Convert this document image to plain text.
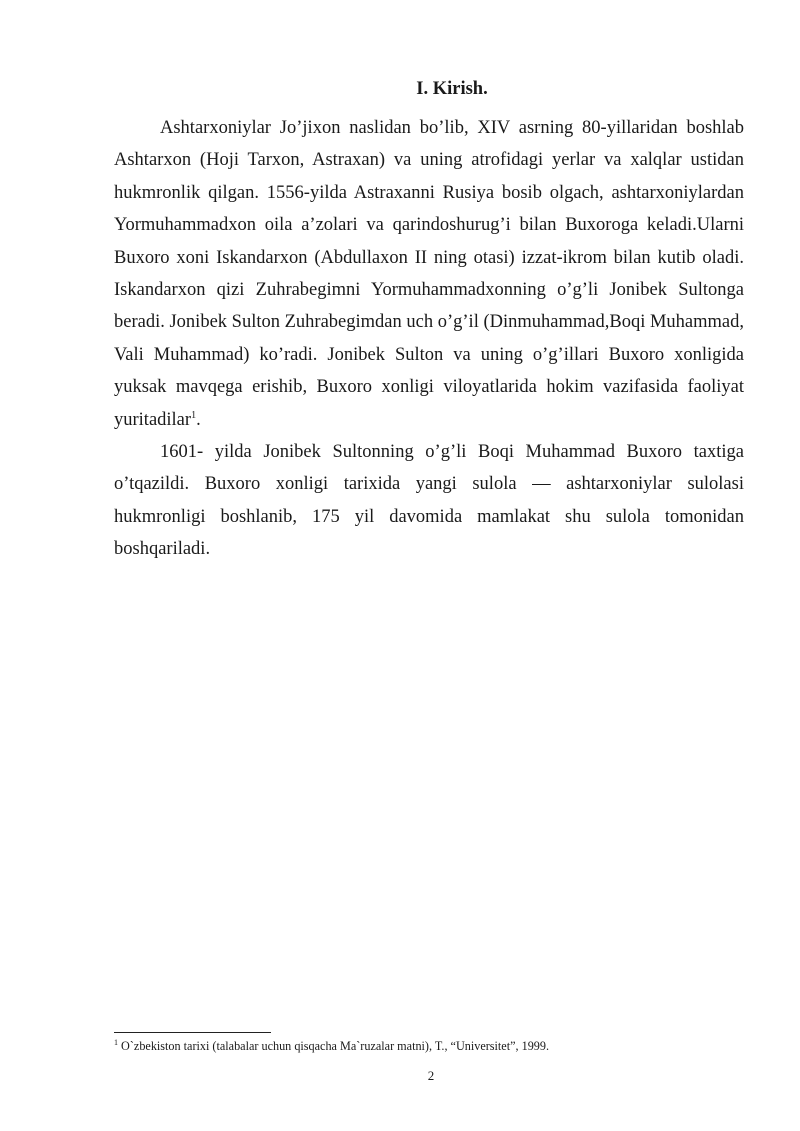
I. Kirish.

Ashtarxoniylar Jo’jixon naslidan bo’lib, XIV asrning 80-yillaridan boshlab Ashtarxon (Hoji Tarxon, Astraxan) va uning atrofidagi yerlar va xalqlar ustidan hukmronlik qilgan. 1556-yilda Astraxanni Rusiya bosib olgach, ashtarxoniylardan Yormuhammadxon oila a’zolari va qarindoshurug’i bilan Buxoroga keladi.Ularni Buxoro xoni Iskandarxon (Abdullaxon II ning otasi) izzat-ikrom bilan kutib oladi. Iskandarxon qizi Zuhrabegimni Yormuhammadxonning o’g’li Jonibek Sultonga beradi. Jonibek Sulton Zuhrabegimdan uch o’g’il (Dinmuhammad,Boqi Muhammad, Vali Muhammad) ko’radi. Jonibek Sulton va uning o’g’illari Buxoro xonligida yuksak mavqega erishib, Buxoro xonligi viloyatlarida hokim vazifasida faoliyat yuritadilar$^1$.

1601- yilda Jonibek Sultonning o’g’li Boqi Muhammad Buxoro taxtiga o’tqazildi. Buxoro xonligi tarixida yangi sulola — ashtarxoniylar sulolasi hukmronligi boshlanib, 175 yil davomida mamlakat shu sulola tomonidan boshqariladi.

$^1$ O`zbekiston tarixi (talabalar uchun qisqacha Ma`ruzalar matni), T., “Universitet”, 1999.

2
